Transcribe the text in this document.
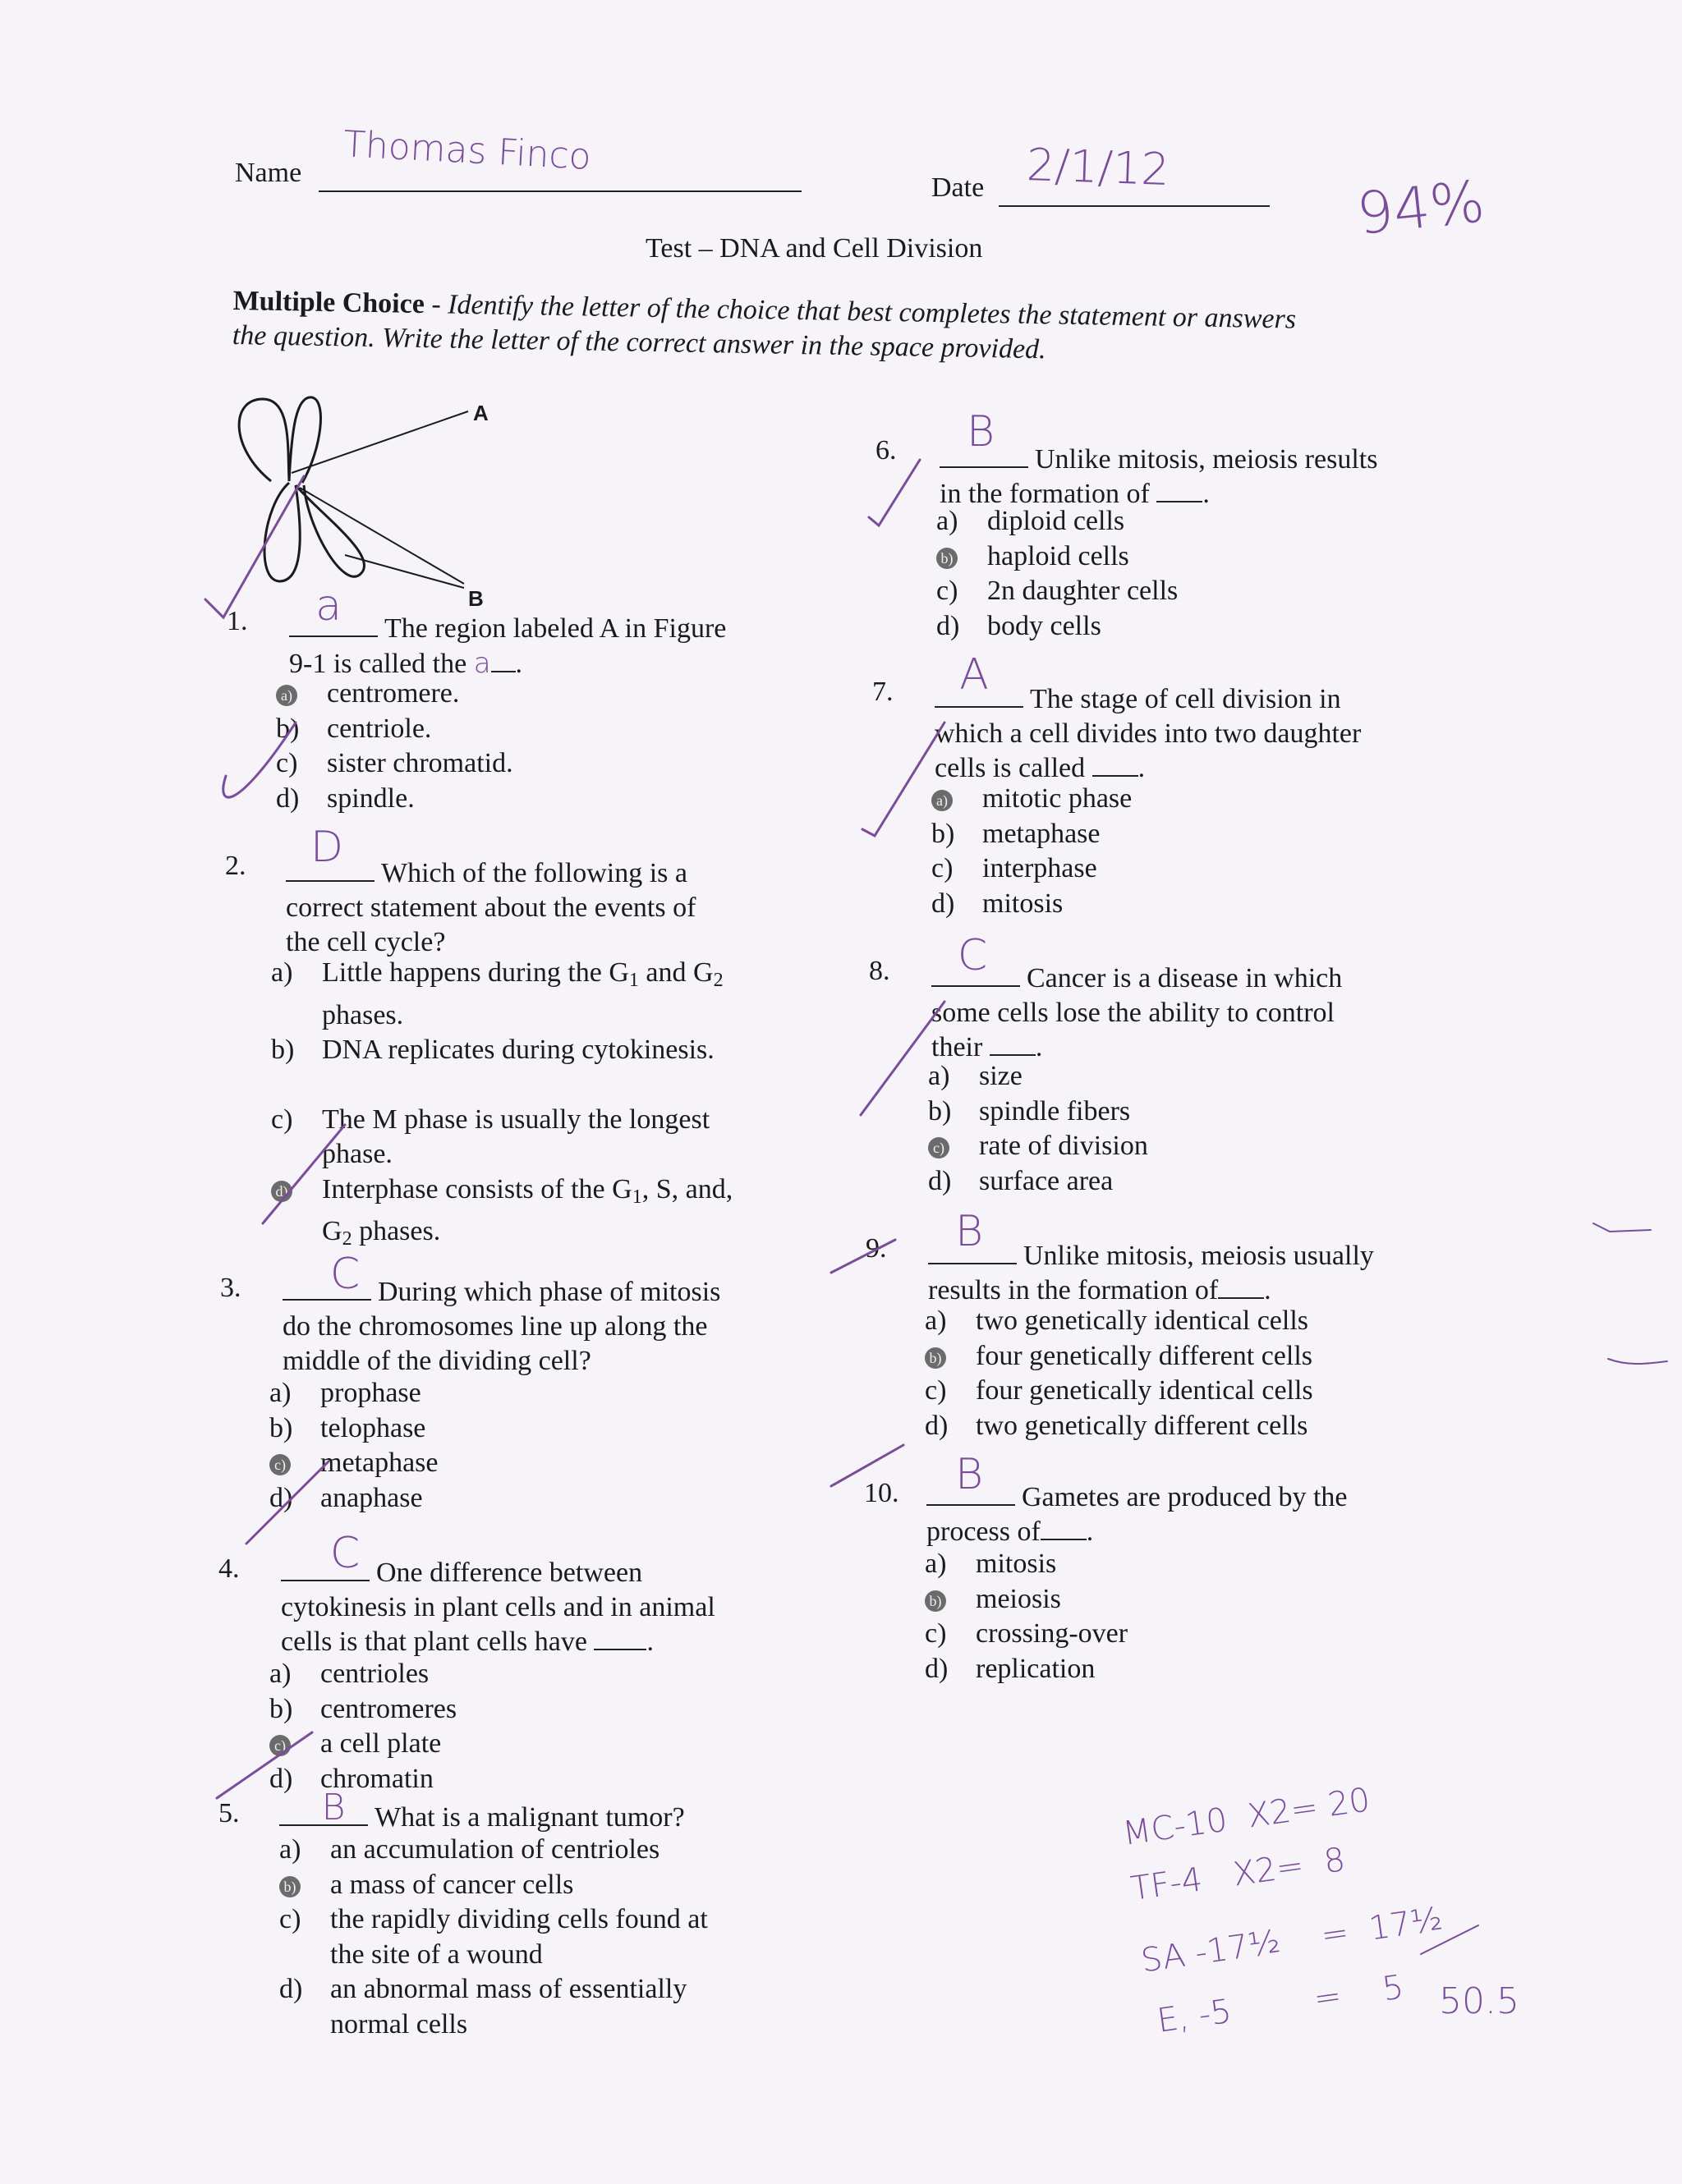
Name Thomas Finco
Date 2/1/12
94%
Test – DNA and Cell Division
Multiple Choice - Identify the letter of the choice that best completes the statement or answers
the question. Write the letter of the correct answer in the space provided.
A
B
1.	a	The region labeled A in Figure
9-1 is called the a .
a)	centromere.
b) centriole.
c)	sister chromatid.
d) spindle.
2.	D
Which of the following is a
correct statement about the events of
the cell cycle?
a)	Little happens during the $G_1$ and $G_2$
phases.
b) DNA replicates during cytokinesis.
c)	The M phase is usually the longest
phase.
d)	Interphase consists of the $G_1$, S, and,
$G_2$ phases.
3.	C During which phase of mitosis
do the chromosomes line up along the
middle of the dividing cell?
a)	prophase
b) telophase
c)	metaphase
d) anaphase
4.	C One difference between
cytokinesis in plant cells and in animal
cells is that plant cells have .
a)	centrioles
b) centromeres
c)	a cell plate
d) chromatin
5.	B	What is a malignant tumor?
a)	an accumulation of centrioles
b)	a mass of cancer cells
c)	the rapidly dividing cells found at
the site of a wound
d) an abnormal mass of essentially
normal cells
6.	B
Unlike mitosis, meiosis results
in the formation of .
a)	diploid cells
b)	haploid cells
c)	2n daughter cells
d) body cells
7.	A	The stage of cell division in
which a cell divides into two daughter
cells is called .
a)	mitotic phase
b) metaphase
c)	interphase
d) mitosis
8.	C	Cancer is a disease in which
some cells lose the ability to control
their .
a)	size
b) spindle fibers
c)	rate of division
d) surface area
9.	B	Unlike mitosis, meiosis usually
results in the formation of .
a)	two genetically identical cells
b)	four genetically different cells
c)	four genetically identical cells
d) two genetically different cells
10.	B	Gametes are produced by the
process of .
a)	mitosis
b)	meiosis
c)	crossing-over
d) replication
MC-10 X2= 20
TF-4 X2= 8
SA -17½ = 17½
E, -5 = 5 50.5
